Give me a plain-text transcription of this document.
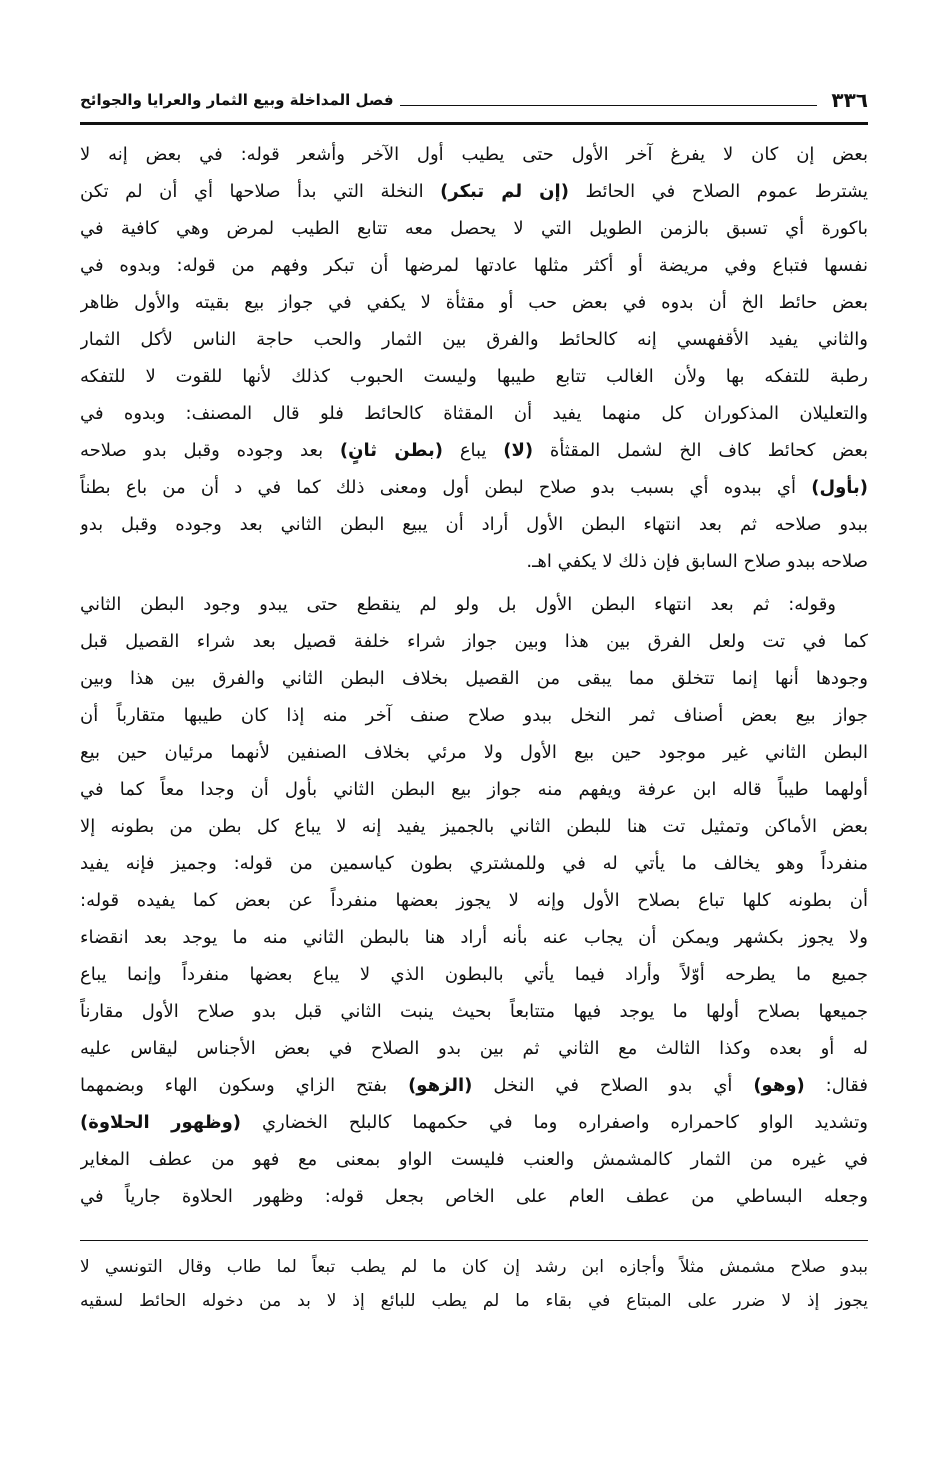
٣٣٦
فصل المداخلة وبيع الثمار والعرايا والجوائح
بعض إن كان لا يفرغ آخر الأول حتى يطيب أول الآخر وأشعر قوله: في بعض إنه لا
يشترط عموم الصلاح في الحائط (إن لم تبكر) النخلة التي بدأ صلاحها أي أن لم تكن
باكورة أي تسبق بالزمن الطويل التي لا يحصل معه تتابع الطيب لمرض وهي كافية في
نفسها فتباع وفي مريضة أو أكثر مثلها عادتها لمرضها أن تبكر وفهم من قوله: وبدوه في
بعض حائط الخ أن بدوه في بعض حب أو مقثأة لا يكفي في جواز بيع بقيته والأول ظاهر
والثاني يفيد الأقفهسي إنه كالحائط والفرق بين الثمار والحب حاجة الناس لأكل الثمار
رطبة للتفكه بها ولأن الغالب تتابع طيبها وليست الحبوب كذلك لأنها للقوت لا للتفكه
والتعليلان المذكوران كل منهما يفيد أن المقثاة كالحائط فلو قال المصنف: وبدوه في
بعض كحائط كاف الخ لشمل المقثأة (لا) يباع (بطن ثانٍ) بعد وجوده وقبل بدو صلاحه
(بأول) أي ببدوه أي بسبب بدو صلاح لبطن أول ومعنى ذلك كما في د أن من باع بطناً
ببدو صلاحه ثم بعد انتهاء البطن الأول أراد أن يبيع البطن الثاني بعد وجوده وقبل بدو
صلاحه ببدو صلاح السابق فإن ذلك لا يكفي اهـ.
وقوله: ثم بعد انتهاء البطن الأول بل ولو لم ينقطع حتى يبدو وجود البطن الثاني
كما في تت ولعل الفرق بين هذا وبين جواز شراء خلفة قصيل بعد شراء القصيل قبل
وجودها أنها إنما تتخلق مما يبقى من القصيل بخلاف البطن الثاني والفرق بين هذا وبين
جواز بيع بعض أصناف ثمر النخل ببدو صلاح صنف آخر منه إذا كان طيبها متقارباً أن
البطن الثاني غير موجود حين بيع الأول ولا مرئي بخلاف الصنفين لأنهما مرئيان حين بيع
أولهما طيباً قاله ابن عرفة ويفهم منه جواز بيع البطن الثاني بأول أن وجدا معاً كما في
بعض الأماكن وتمثيل تت هنا للبطن الثاني بالجميز يفيد إنه لا يباع كل بطن من بطونه إلا
منفرداً وهو يخالف ما يأتي له في وللمشتري بطون كياسمين من قوله: وجميز فإنه يفيد
أن بطونه كلها تباع بصلاح الأول وإنه لا يجوز بعضها منفرداً عن بعض كما يفيده قوله:
ولا يجوز بكشهر ويمكن أن يجاب عنه بأنه أراد هنا بالبطن الثاني منه ما يوجد بعد انقضاء
جميع ما يطرحه أوّلاً وأراد فيما يأتي بالبطون الذي لا يباع بعضها منفرداً وإنما يباع
جميعها بصلاح أولها ما يوجد فيها متتابعاً بحيث ينبت الثاني قبل بدو صلاح الأول مقارناً
له أو بعده وكذا الثالث مع الثاني ثم بين بدو الصلاح في بعض الأجناس ليقاس عليه
فقال: (وهو) أي بدو الصلاح في النخل (الزهو) بفتح الزاي وسكون الهاء وبضمهما
وتشديد الواو كاحمراره واصفراره وما في حكمهما كالبلح الخضاري (وظهور الحلاوة)
في غيره من الثمار كالمشمش والعنب فليست الواو بمعنى مع فهو من عطف المغاير
وجعله البساطي من عطف العام على الخاص بجعل قوله: وظهور الحلاوة جارياً في
ببدو صلاح مشمش مثلاً وأجازه ابن رشد إن كان ما لم يطب تبعاً لما طاب وقال التونسي لا
يجوز إذ لا ضرر على المبتاع في بقاء ما لم يطب للبائع إذ لا بد من دخوله الحائط لسقيه
